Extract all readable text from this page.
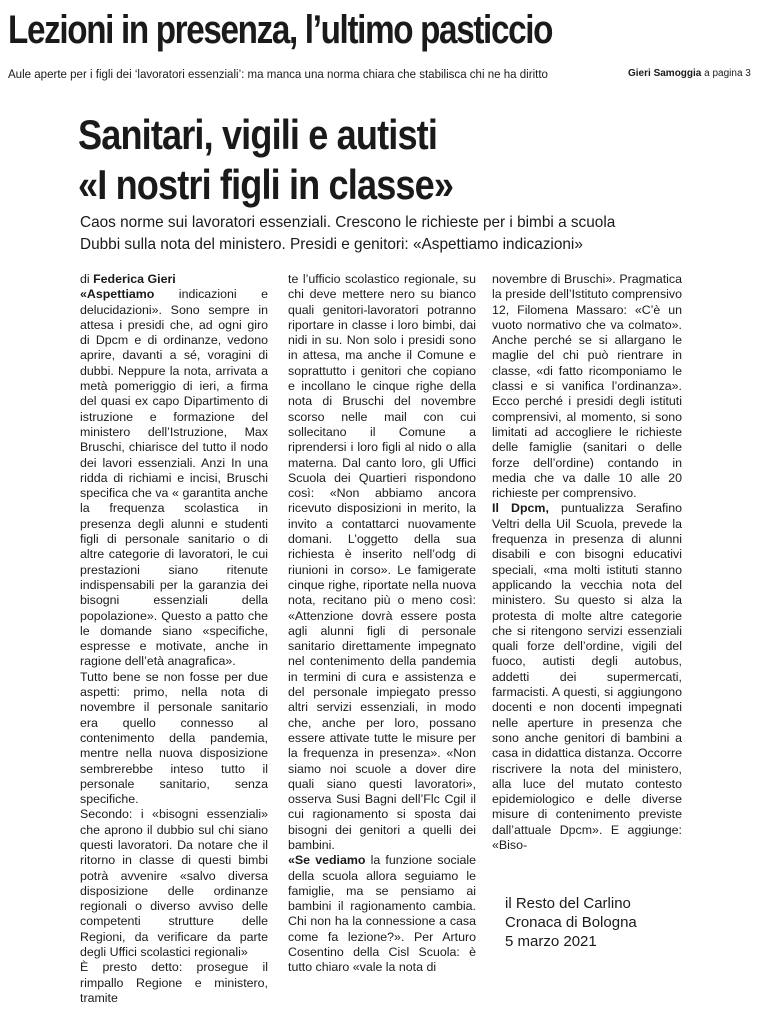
Lezioni in presenza, l’ultimo pasticcio
Aule aperte per i figli dei ‘lavoratori essenziali’: ma manca una norma chiara che stabilisca chi ne ha diritto	Gieri Samoggia a pagina 3
Sanitari, vigili e autisti
«I nostri figli in classe»
Caos norme sui lavoratori essenziali. Crescono le richieste per i bimbi a scuola
Dubbi sulla nota del ministero. Presidi e genitori: «Aspettiamo indicazioni»

di Federica Gieri

«Aspettiamo indicazioni e delucidazioni». Sono sempre in attesa i presidi che, ad ogni giro di Dpcm e di ordinanze, vedono aprire, davanti a sé, voragini di dubbi. Neppure la nota, arrivata a metà pomeriggio di ieri, a firma del quasi ex capo Dipartimento di istruzione e formazione del ministero dell’Istruzione, Max Bruschi, chiarisce del tutto il nodo dei lavori essenziali. Anzi In una ridda di richiami e incisi, Bruschi specifica che va « garantita anche la frequenza scolastica in presenza degli alunni e studenti figli di personale sanitario o di altre categorie di lavoratori, le cui prestazioni siano ritenute indispensabili per la garanzia dei bisogni essenziali della popolazione». Questo a patto che le domande siano «specifiche, espresse e motivate, anche in ragione dell’età anagrafica».

Tutto bene se non fosse per due aspetti: primo, nella nota di novembre il personale sanitario era quello connesso al contenimento della pandemia, mentre nella nuova disposizione sembrerebbe inteso tutto il personale sanitario, senza specifiche.

Secondo: i «bisogni essenziali» che aprono il dubbio sul chi siano questi lavoratori. Da notare che il ritorno in classe di questi bimbi potrà avvenire «salvo diversa disposizione delle ordinanze regionali o diverso avviso delle competenti strutture delle Regioni, da verificare da parte degli Uffici scolastici regionali»

È presto detto: prosegue il rimpallo Regione e ministero, tramite

te l’ufficio scolastico regionale, su chi deve mettere nero su bianco quali genitori-lavoratori potranno riportare in classe i loro bimbi, dai nidi in su. Non solo i presidi sono in attesa, ma anche il Comune e soprattutto i genitori che copiano e incollano le cinque righe della nota di Bruschi del novembre scorso nelle mail con cui sollecitano il Comune a riprendersi i loro figli al nido o alla materna. Dal canto loro, gli Uffici Scuola dei Quartieri rispondono così: «Non abbiamo ancora ricevuto disposizioni in merito, la invito a contattarci nuovamente domani. L’oggetto della sua richiesta è inserito nell’odg di riunioni in corso». Le famigerate cinque righe, riportate nella nuova nota, recitano più o meno così: «Attenzione dovrà essere posta agli alunni figli di personale sanitario direttamente impegnato nel contenimento della pandemia in termini di cura e assistenza e del personale impiegato presso altri servizi essenziali, in modo che, anche per loro, possano essere attivate tutte le misure per la frequenza in presenza». «Non siamo noi scuole a dover dire quali siano questi lavoratori», osserva Susi Bagni dell’Flc Cgil il cui ragionamento si sposta dai bisogni dei genitori a quelli dei bambini.

«Se vediamo la funzione sociale della scuola allora seguiamo le famiglie, ma se pensiamo ai bambini il ragionamento cambia. Chi non ha la connessione a casa come fa lezione?». Per Arturo Cosentino della Cisl Scuola: è tutto chiaro «vale la nota di

novembre di Bruschi». Pragmatica la preside dell’Istituto comprensivo 12, Filomena Massaro: «C’è un vuoto normativo che va colmato». Anche perché se si allargano le maglie del chi può rientrare in classe, «di fatto ricomponiamo le classi e si vanifica l’ordinanza». Ecco perché i presidi degli istituti comprensivi, al momento, si sono limitati ad accogliere le richieste delle famiglie (sanitari o delle forze dell’ordine) contando in media che va dalle 10 alle 20 richieste per comprensivo.

Il Dpcm, puntualizza Serafino Veltri della Uil Scuola, prevede la frequenza in presenza di alunni disabili e con bisogni educativi speciali, «ma molti istituti stanno applicando la vecchia nota del ministero. Su questo si alza la protesta di molte altre categorie che si ritengono servizi essenziali quali forze dell’ordine, vigili del fuoco, autisti degli autobus, addetti dei supermercati, farmacisti. A questi, si aggiungono docenti e non docenti impegnati nelle aperture in presenza che sono anche genitori di bambini a casa in didattica distanza. Occorre riscrivere la nota del ministero, alla luce del mutato contesto epidemiologico e delle diverse misure di contenimento previste dall’attuale Dpcm». E aggiunge: «Biso-

il Resto del Carlino
Cronaca di Bologna
5 marzo 2021
